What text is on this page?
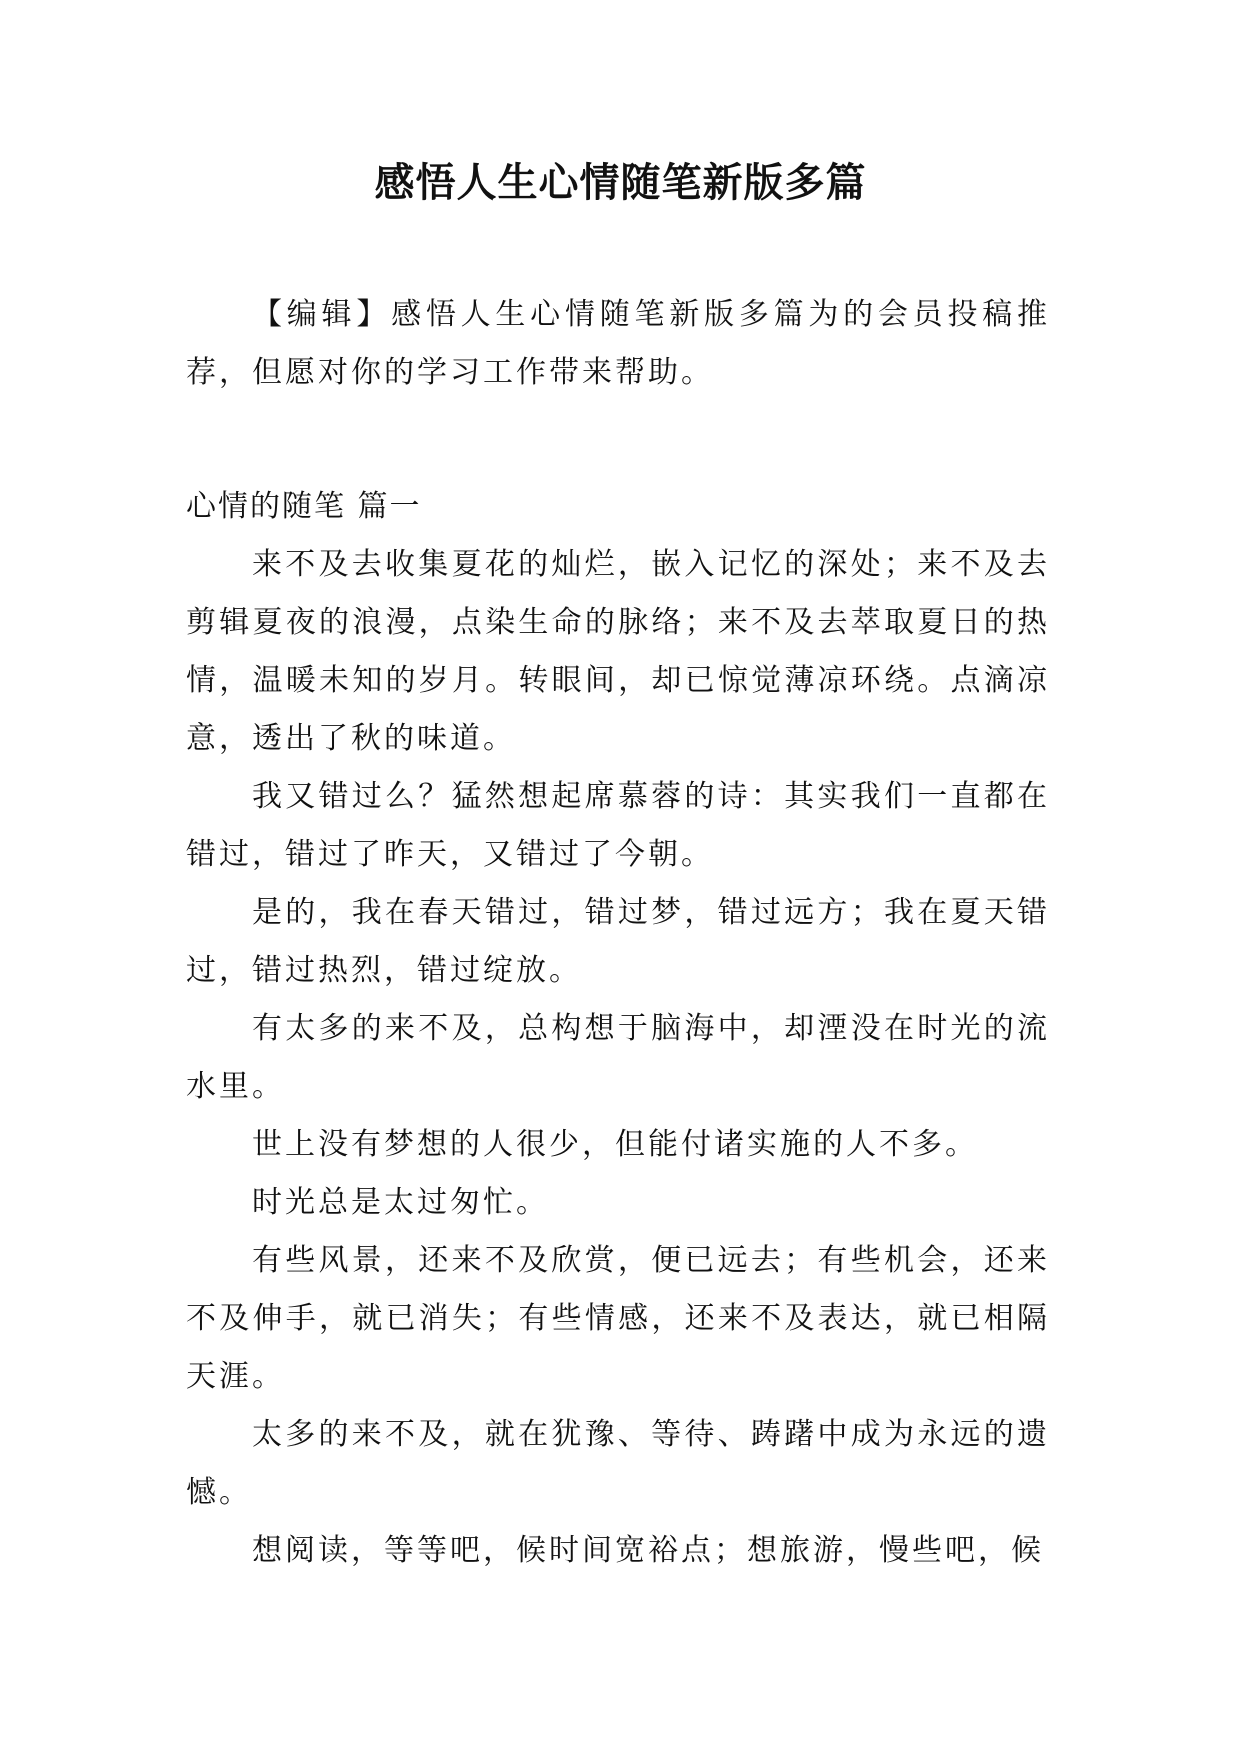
感悟人生心情随笔新版多篇

【编辑】感悟人生心情随笔新版多篇为的会员投稿推荐，但愿对你的学习工作带来帮助。

心情的随笔 篇一

来不及去收集夏花的灿烂，嵌入记忆的深处；来不及去剪辑夏夜的浪漫，点染生命的脉络；来不及去萃取夏日的热情，温暖未知的岁月。转眼间，却已惊觉薄凉环绕。点滴凉意，透出了秋的味道。

我又错过么？猛然想起席慕蓉的诗：其实我们一直都在错过，错过了昨天，又错过了今朝。

是的，我在春天错过，错过梦，错过远方；我在夏天错过，错过热烈，错过绽放。

有太多的来不及，总构想于脑海中，却湮没在时光的流水里。

世上没有梦想的人很少，但能付诸实施的人不多。

时光总是太过匆忙。

有些风景，还来不及欣赏，便已远去；有些机会，还来不及伸手，就已消失；有些情感，还来不及表达，就已相隔天涯。

太多的来不及，就在犹豫、等待、踌躇中成为永远的遗憾。

想阅读，等等吧，候时间宽裕点；想旅游，慢些吧，候
